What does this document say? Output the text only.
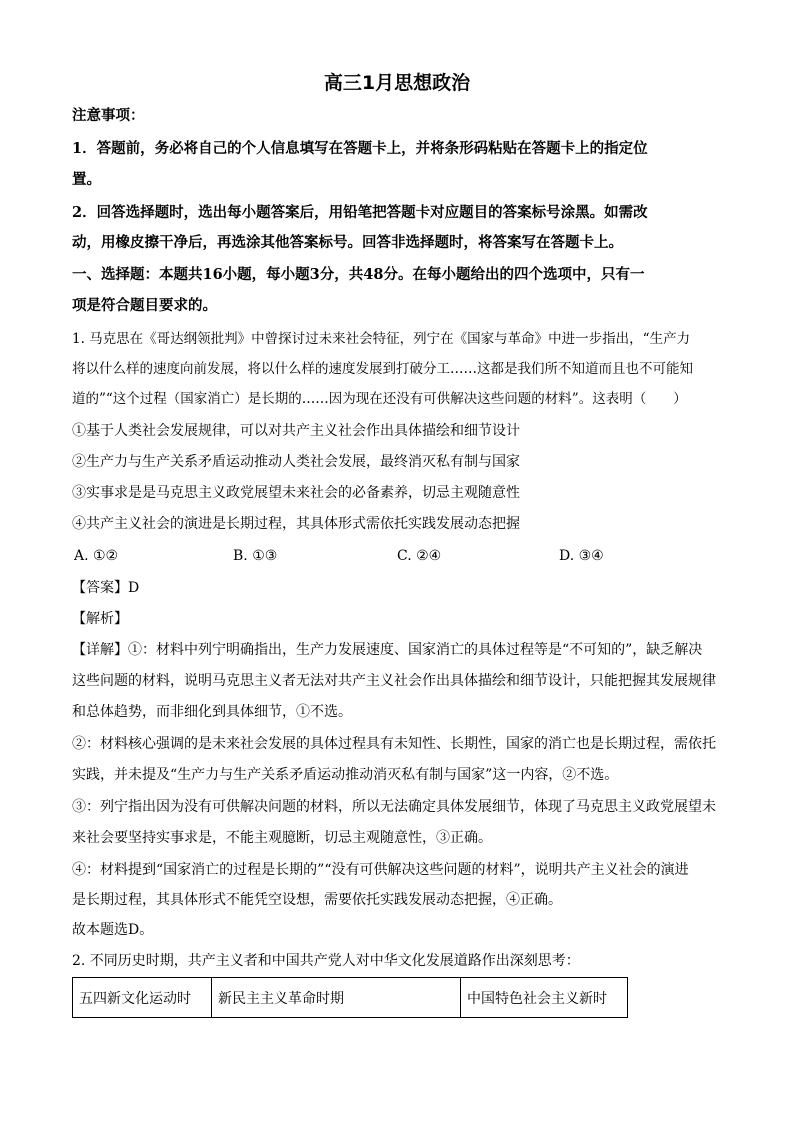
高三1月思想政治
注意事项：
1．答题前，务必将自己的个人信息填写在答题卡上，并将条形码粘贴在答题卡上的指定位
置。
2．回答选择题时，选出每小题答案后，用铅笔把答题卡对应题目的答案标号涂黑。如需改
动，用橡皮擦干净后，再选涂其他答案标号。回答非选择题时，将答案写在答题卡上。
一、选择题：本题共16小题，每小题3分，共48分。在每小题给出的四个选项中，只有一
项是符合题目要求的。
1. 马克思在《哥达纲领批判》中曾探讨过未来社会特征，列宁在《国家与革命》中进一步指出，“生产力
将以什么样的速度向前发展，将以什么样的速度发展到打破分工……这都是我们所不知道而且也不可能知
道的”“这个过程（国家消亡）是长期的……因为现在还没有可供解决这些问题的材料”。这表明（　　）
①基于人类社会发展规律，可以对共产主义社会作出具体描绘和细节设计
②生产力与生产关系矛盾运动推动人类社会发展，最终消灭私有制与国家
③实事求是是马克思主义政党展望未来社会的必备素养，切忌主观随意性
④共产主义社会的演进是长期过程，其具体形式需依托实践发展动态把握
A. ①②	B. ①③	C. ②④	D. ③④
【答案】D
【解析】
【详解】①：材料中列宁明确指出，生产力发展速度、国家消亡的具体过程等是“不可知的”，缺乏解决
这些问题的材料，说明马克思主义者无法对共产主义社会作出具体描绘和细节设计，只能把握其发展规律
和总体趋势，而非细化到具体细节，①不选。
②：材料核心强调的是未来社会发展的具体过程具有未知性、长期性，国家的消亡也是长期过程，需依托
实践，并未提及“生产力与生产关系矛盾运动推动消灭私有制与国家”这一内容，②不选。
③：列宁指出因为没有可供解决问题的材料，所以无法确定具体发展细节，体现了马克思主义政党展望未
来社会要坚持实事求是，不能主观臆断，切忌主观随意性，③正确。
④：材料提到“国家消亡的过程是长期的”“没有可供解决这些问题的材料”，说明共产主义社会的演进
是长期过程，其具体形式不能凭空设想，需要依托实践发展动态把握，④正确。
故本题选D。
2. 不同历史时期，共产主义者和中国共产党人对中华文化发展道路作出深刻思考：
五四新文化运动时	新民主主义革命时期	中国特色社会主义新时
